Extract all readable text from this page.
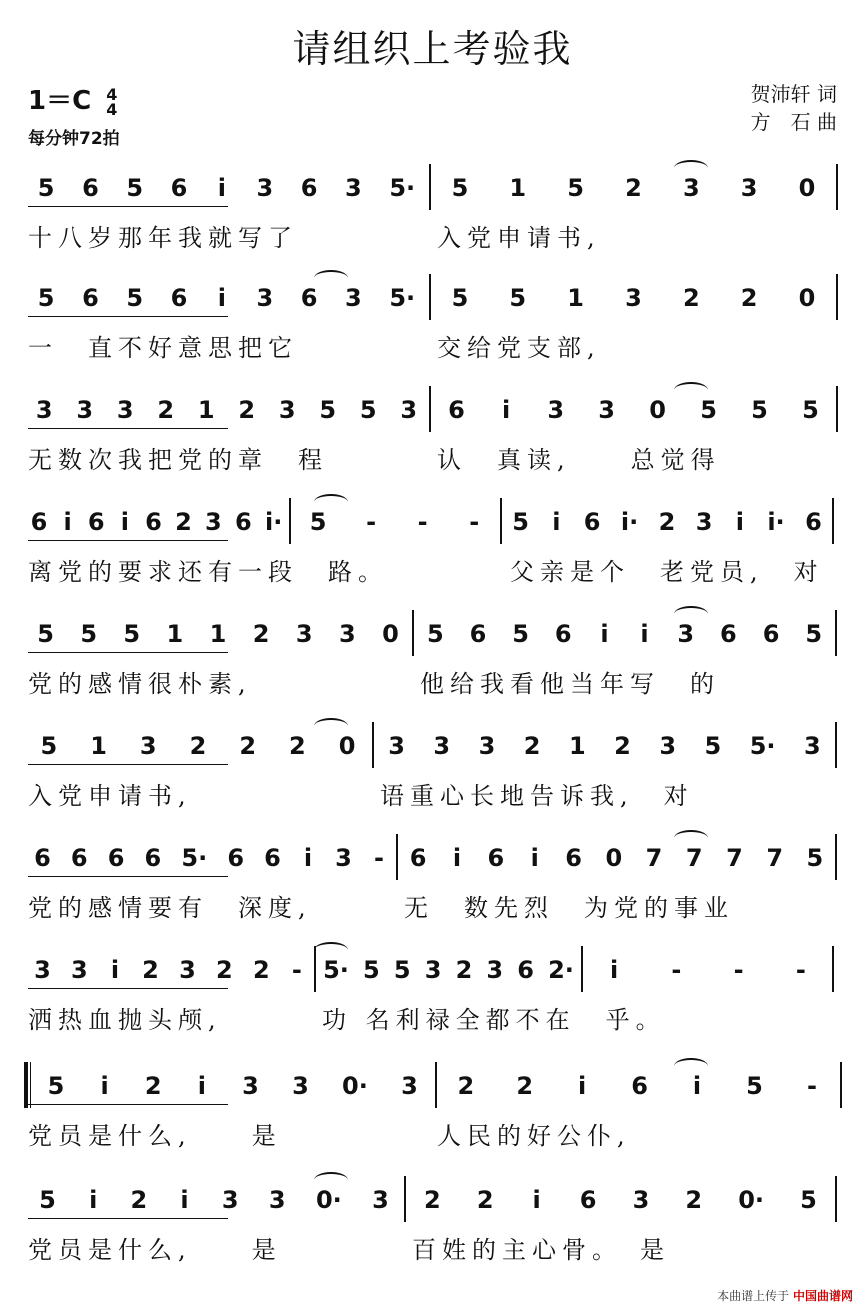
请组织上考验我
1＝C 4
4
每分钟72拍
贺沛轩 词
方　石 曲
5 6 5 6 i 3 6 3 5· 5 1 5 2 3 3 0
十八岁那年我就写了	入党申请书,
5 6 5 6 i 3 6 3 5· 5 5 1 3 2 2 0
一　直不好意思把它	交给党支部,
3 3 3 2 1 2 3 5 5 3 6 i 3 3 0 5 5 5
无数次我把党的章　程	认　真读,　　总觉得
6 i 6 i 6 2 3 6 i· 5 - - - 5 i 6 i· 2 3 i i· 6
离党的要求还有一段　路。	父亲是个　老党员,　对
5 5 5 1 1 2 3 3 0 5 6 5 6 i i 3 6 6 5
党的感情很朴素,	他给我看他当年写　的
5 1 3 2 2 2 0 3 3 3 2 1 2 3 5 5· 3
入党申请书,	语重心长地告诉我,　对
6 6 6 6 5· 6 6 i 3 - 6 i 6 i 6 0 7 7 7 7 5
党的感情要有　深度,	无　数先烈　为党的事业
3 3 i 2 3 2 2 - 5· 5 5 3 2 3 6 2· i - - -
洒热血抛头颅,	功 名利禄全都不在　乎。
5 i 2 i 3 3 0· 3 2 2 i 6 i 5 -
党员是什么,　　是	人民的好公仆,
5 i 2 i 3 3 0· 3 2 2 i 6 3 2 0· 5
党员是什么,　　是	百姓的主心骨。　是
本曲谱上传于 中国曲谱网
